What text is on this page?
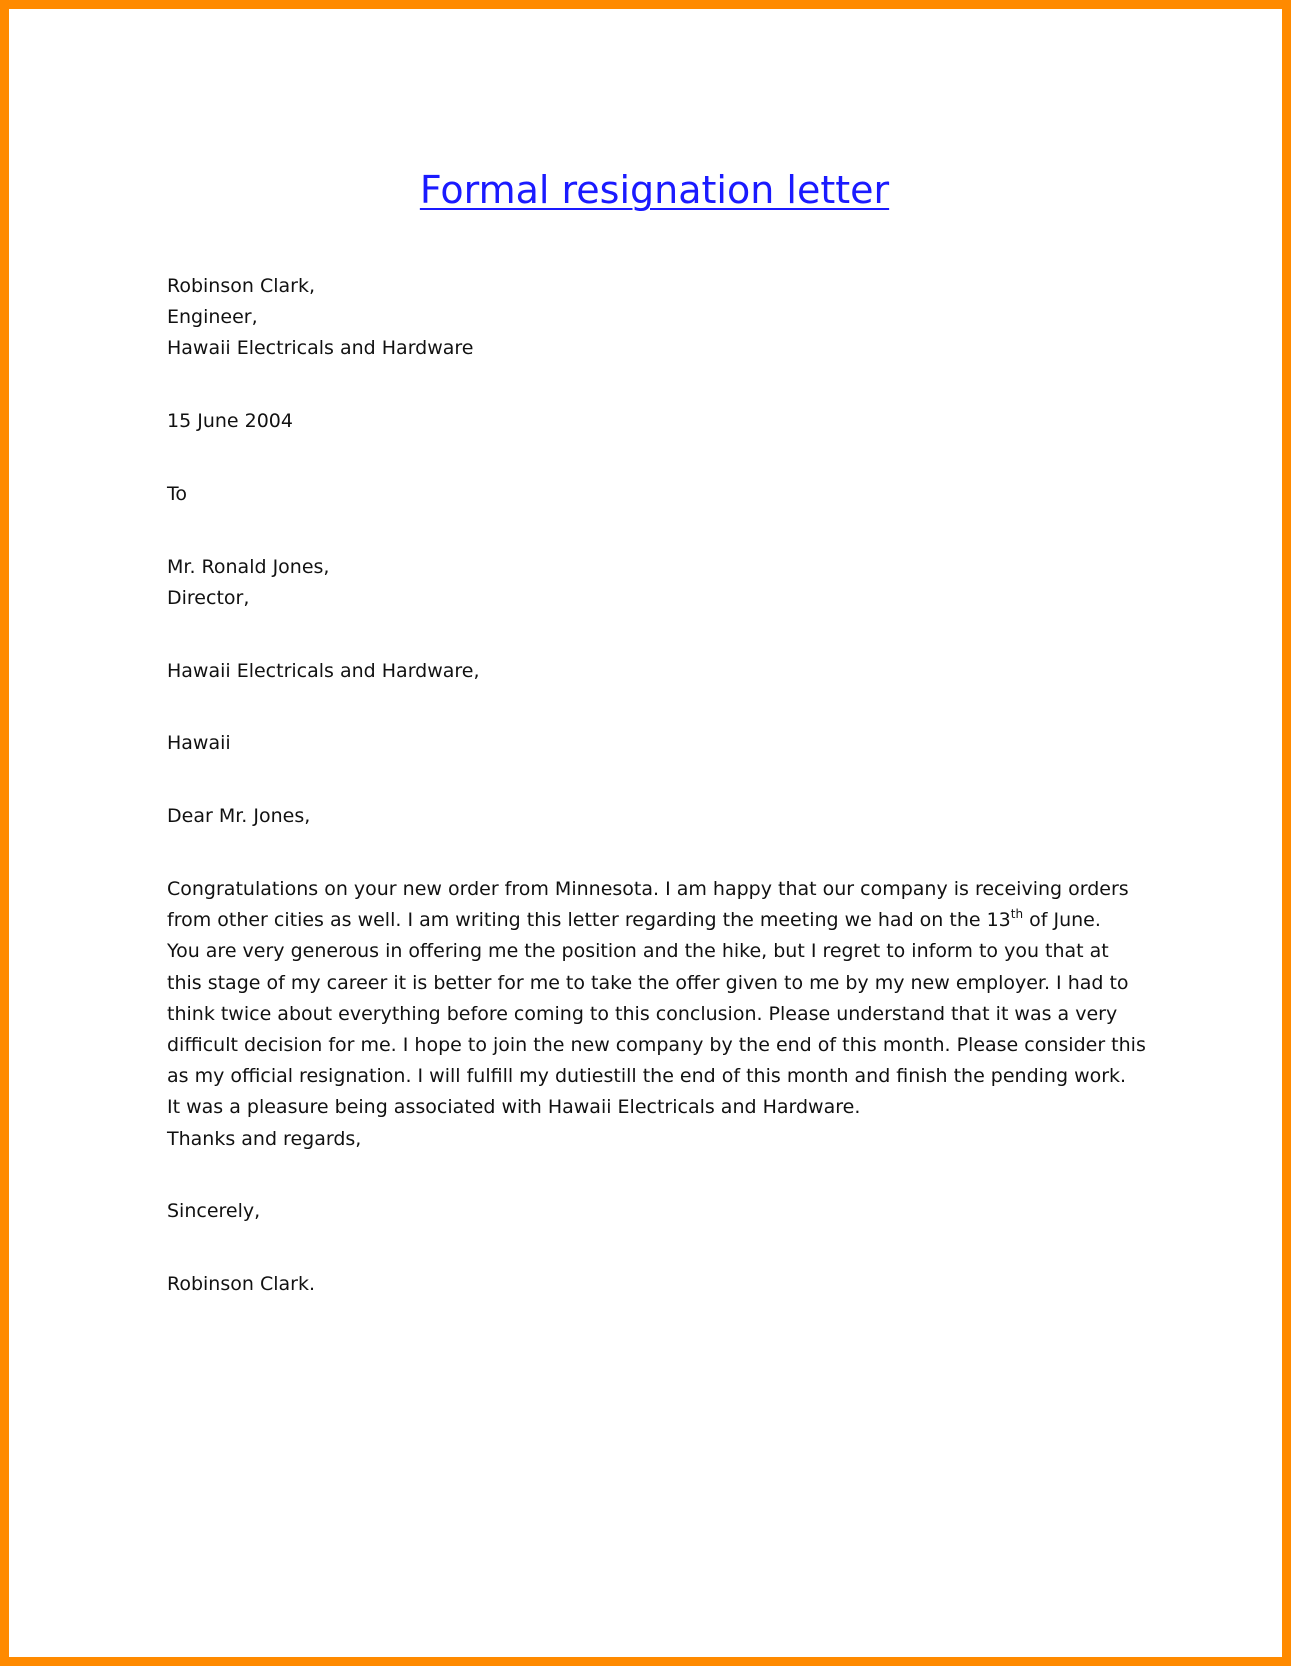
Formal resignation letter
Robinson Clark,
Engineer,
Hawaii Electricals and Hardware
15 June 2004
To
Mr. Ronald Jones,
Director,
Hawaii Electricals and Hardware,
Hawaii
Dear Mr. Jones,
Congratulations on your new order from Minnesota. I am happy that our company is receiving orders
from other cities as well. I am writing this letter regarding the meeting we had on the 13th of June.
You are very generous in offering me the position and the hike, but I regret to inform to you that at
this stage of my career it is better for me to take the offer given to me by my new employer. I had to
think twice about everything before coming to this conclusion. Please understand that it was a very
difficult decision for me. I hope to join the new company by the end of this month. Please consider this
as my official resignation. I will fulfill my dutiestill the end of this month and finish the pending work.
It was a pleasure being associated with Hawaii Electricals and Hardware.
Thanks and regards,
Sincerely,
Robinson Clark.
